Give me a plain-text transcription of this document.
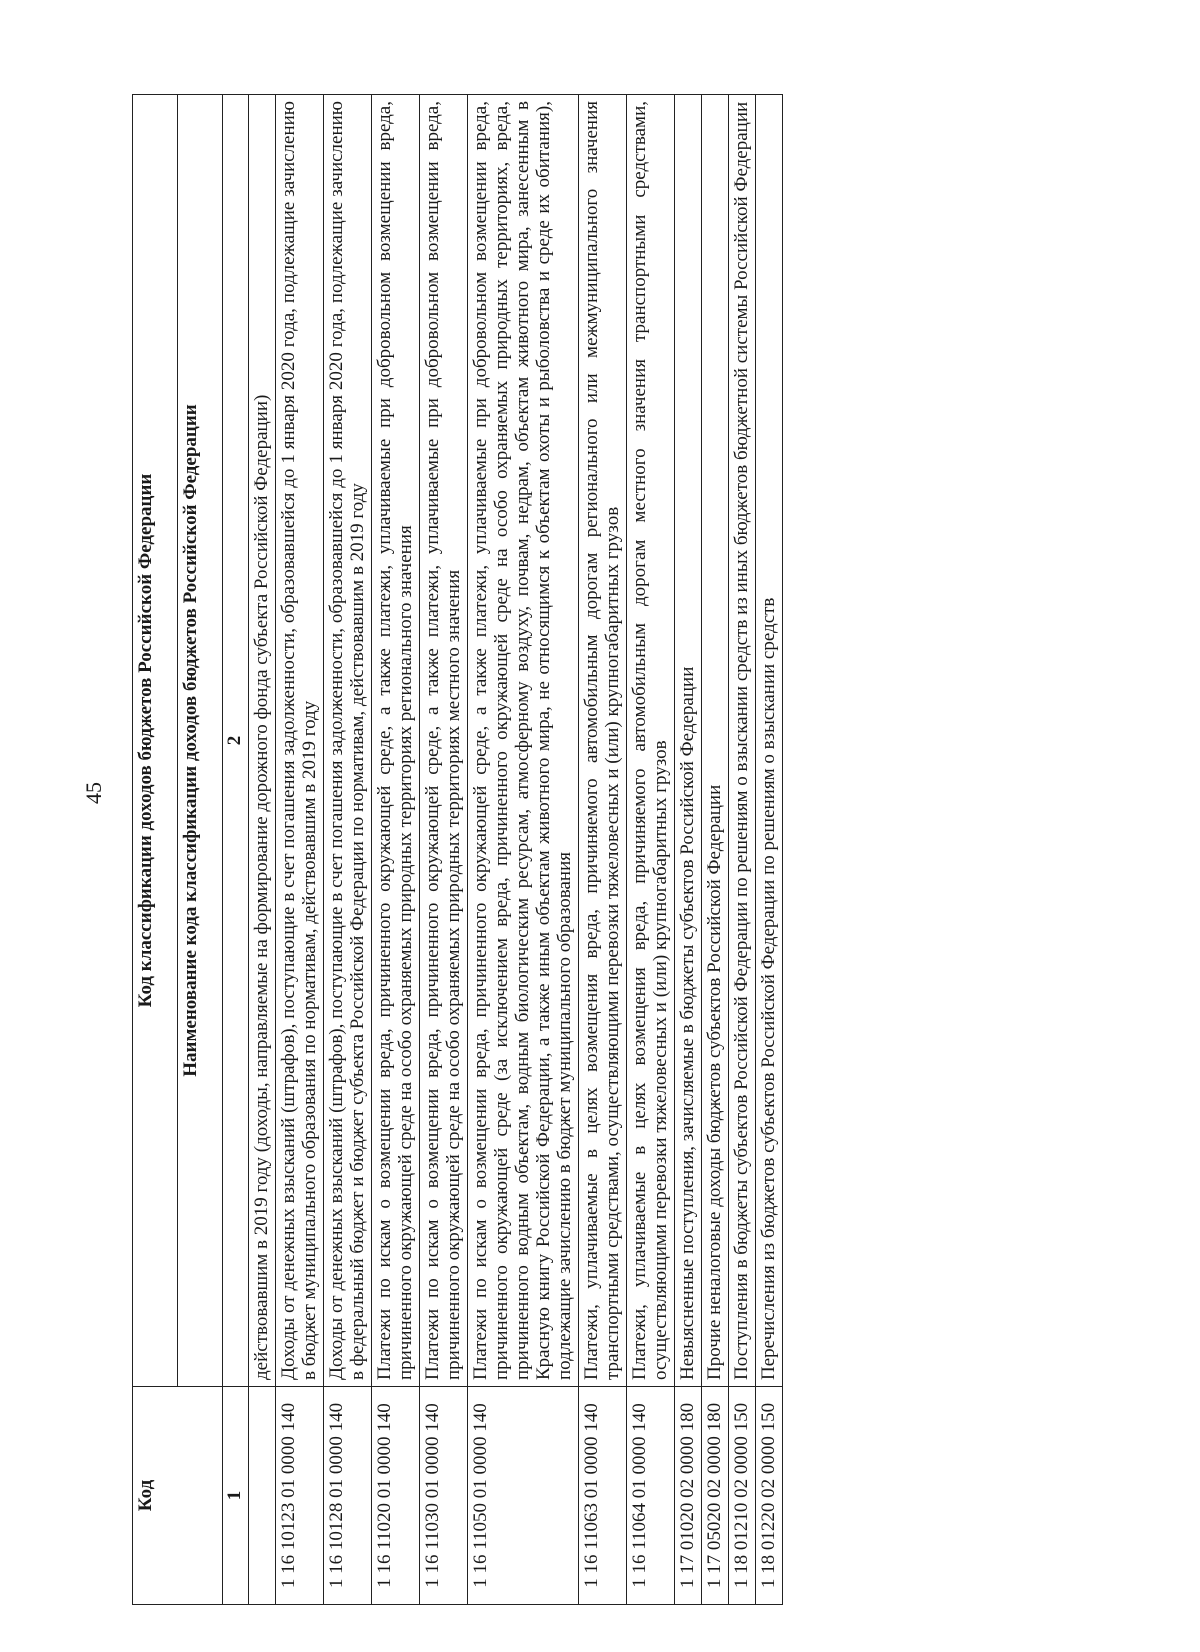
45
Код	Код классификации доходов бюджетов Российской Федерации
	Наименование кода классификации доходов бюджетов Российской Федерации
1	2
	действовавшим в 2019 году (доходы, направляемые на формирование дорожного фонда субъекта Российской Федерации)
1 16 10123 01 0000 140	Доходы от денежных взысканий (штрафов), поступающие в счет погашения задолженности, образовавшейся до 1 января 2020 года, подлежащие зачислению в бюджет муниципального образования по нормативам, действовавшим в 2019 году
1 16 10128 01 0000 140	Доходы от денежных взысканий (штрафов), поступающие в счет погашения задолженности, образовавшейся до 1 января 2020 года, подлежащие зачислению в федеральный бюджет и бюджет субъекта Российской Федерации по нормативам, действовавшим в 2019 году
1 16 11020 01 0000 140	Платежи по искам о возмещении вреда, причиненного окружающей среде, а также платежи, уплачиваемые при добровольном возмещении вреда, причиненного окружающей среде на особо охраняемых природных территориях регионального значения
1 16 11030 01 0000 140	Платежи по искам о возмещении вреда, причиненного окружающей среде, а также платежи, уплачиваемые при добровольном возмещении вреда, причиненного окружающей среде на особо охраняемых природных территориях местного значения
1 16 11050 01 0000 140	Платежи по искам о возмещении вреда, причиненного окружающей среде, а также платежи, уплачиваемые при добровольном возмещении вреда, причиненного окружающей среде (за исключением вреда, причиненного окружающей среде на особо охраняемых природных территориях, вреда, причиненного водным объектам, водным биологическим ресурсам, атмосферному воздуху, почвам, недрам, объектам животного мира, занесенным в Красную книгу Российской Федерации, а также иным объектам животного мира, не относящимся к объектам охоты и рыболовства и среде их обитания), подлежащие зачислению в бюджет муниципального образования
1 16 11063 01 0000 140	Платежи, уплачиваемые в целях возмещения вреда, причиняемого автомобильным дорогам регионального или межмуниципального значения транспортными средствами, осуществляющими перевозки тяжеловесных и (или) крупногабаритных грузов
1 16 11064 01 0000 140	Платежи, уплачиваемые в целях возмещения вреда, причиняемого автомобильным дорогам местного значения транспортными средствами, осуществляющими перевозки тяжеловесных и (или) крупногабаритных грузов
1 17 01020 02 0000 180	Невыясненные поступления, зачисляемые в бюджеты субъектов Российской Федерации
1 17 05020 02 0000 180	Прочие неналоговые доходы бюджетов субъектов Российской Федерации
1 18 01210 02 0000 150	Поступления в бюджеты субъектов Российской Федерации по решениям о взыскании средств из иных бюджетов бюджетной системы Российской Федерации
1 18 01220 02 0000 150	Перечисления из бюджетов субъектов Российской Федерации по решениям о взыскании средств
